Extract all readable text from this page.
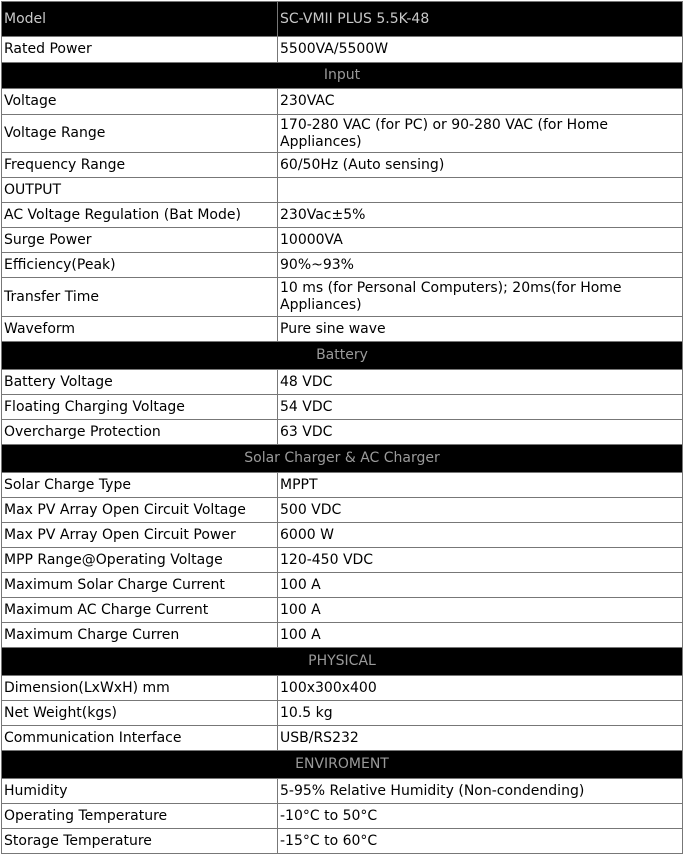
Model	SC-VMII PLUS 5.5K-48
Rated Power	5500VA/5500W
Input	
Voltage	230VAC
Voltage Range	170-280 VAC (for PC) or 90-280 VAC (for Home Appliances)
Frequency Range	60/50Hz (Auto sensing)
OUTPUT	
AC Voltage Regulation (Bat Mode)	230Vac±5%
Surge Power	10000VA
Efficiency(Peak)	90%~93%
Transfer Time	10 ms (for Personal Computers); 20ms(for Home Appliances)
Waveform	Pure sine wave
Battery	
Battery Voltage	48 VDC
Floating Charging Voltage	54 VDC
Overcharge Protection	63 VDC
Solar Charger & AC Charger	
Solar Charge Type	MPPT
Max PV Array Open Circuit Voltage	500 VDC
Max PV Array Open Circuit Power	6000 W
MPP Range@Operating Voltage	120-450 VDC
Maximum Solar Charge Current	100 A
Maximum AC Charge Current	100 A
Maximum Charge Curren	100 A
PHYSICAL	
Dimension(LxWxH) mm	100x300x400
Net Weight(kgs)	10.5 kg
Communication Interface	USB/RS232
ENVIROMENT	
Humidity	5-95% Relative Humidity (Non-condending)
Operating Temperature	-10°C to 50°C
Storage Temperature	-15°C to 60°C
